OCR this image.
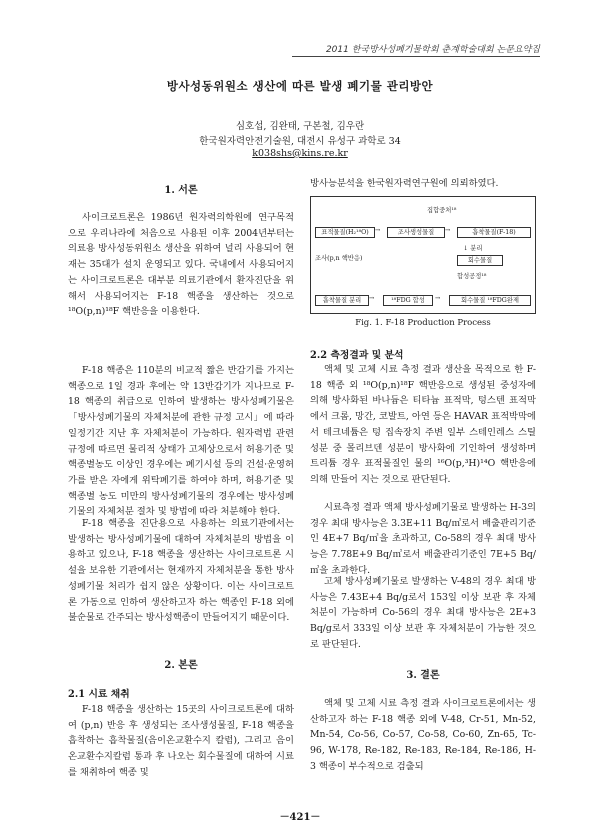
2011 한국방사성폐기물학회 춘계학술대회 논문요약집
방사성동위원소 생산에 따른 발생 폐기물 관리방안
심호섭, 김완태, 구본철, 김우란
한국원자력안전기술원, 대전시 유성구 과학로 34
k038shs@kins.re.kr
1. 서론
사이크로트론은 1986년 원자력의학원에 연구목적으로 우리나라에 처음으로 사용된 이후 2004년부터는 의료용 방사성동위원소 생산을 위하여 널리 사용되어 현재는 35대가 설치 운영되고 있다. 국내에서 사용되어지는 사이크로트론은 대부분 의료기관에서 환자진단을 위해서 사용되어지는 F-18 핵종을 생산하는 것으로 ¹⁸O(p,n)¹⁸F 핵반응을 이용한다.
F-18 핵종은 110분의 비교적 짧은 반감기를 가지는 핵종으로 1일 경과 후에는 약 13반감기가 지나므로 F-18 핵종의 취급으로 인하여 발생하는 방사성폐기물은 「방사성폐기물의 자체처분에 관한 규정 고시」에 따라 일정기간 지난 후 자체처분이 가능하다. 원자력법 관련 규정에 따르면 물리적 상태가 고체상으로서 허용기준 및 핵종별농도 이상인 경우에는 폐기시설 등의 건설·운영허가를 받은 자에게 위탁폐기를 하여야 하며, 허용기준 및 핵종별 농도 미만의 방사성폐기물의 경우에는 방사성폐기물의 자체처분 절차 및 방법에 따라 처분해야 한다.
F-18 핵종을 진단용으로 사용하는 의료기관에서는 발생하는 방사성폐기물에 대하여 자체처분의 방법을 이용하고 있으나, F-18 핵종을 생산하는 사이크로트론 시설을 보유한 기관에서는 현재까지 자체처분을 통한 방사성폐기물 처리가 쉽지 않은 상황이다. 이는 사이크로트론 가동으로 인하여 생산하고자 하는 핵종인 F-18 외에 불순물로 간주되는 방사성핵종이 만들어지기 때문이다.
2. 본론
2.1 시료 채취
F-18 핵종을 생산하는 15곳의 사이크로트론에 대하여 (p,n) 반응 후 생성되는 조사생성물질, F-18 핵종을 흡착하는 흡착물질(음이온교환수지 칼럼), 그리고 음이온교환수지칼럼 통과 후 나오는 회수물질에 대하여 시료를 채취하여 핵종 및
방사능분석을 한국원자력연구원에 의뢰하였다.
집합중처¹⁸
표적물질(H₂¹⁸O) →	조사생성물질	→	흡착물질(F-18)
조사(p,n 핵반응)
↓ 분리
회수물질
합성공정¹⁸
흡착물질 분리	→	¹⁸FDG 합성	→	회수물질 ¹⁸FDG완제
Fig. 1. F-18 Production Process
2.2 측정결과 및 분석
액체 및 고체 시료 측정 결과 생산을 목적으로 한 F-18 핵종 외 ¹⁸O(p,n)¹⁸F 핵반응으로 생성된 중성자에 의해 방사화된 바나듐은 티타늄 표적막, 텅스텐 표적막에서 크롬, 망간, 코발트, 아연 등은 HAVAR 표적박막에서 테크네튬은 텅 집속장치 주변 일부 스테인레스 스틸 성분 중 몰리브덴 성분이 방사화에 기인하여 생성하며 트리튬 경우 표적물질인 물의 ¹⁶O(p,³H)¹⁴O 핵반응에 의해 만들어 지는 것으로 판단된다.
시료측정 결과 액체 방사성폐기물로 발생하는 H-3의 경우 최대 방사능은 3.3E+11 Bq/㎥로서 배출관리기준인 4E+7 Bq/㎥을 초과하고, Co-58의 경우 최대 방사능은 7.78E+9 Bq/㎥로서 배출관리기준인 7E+5 Bq/㎥을 초과한다.
고체 방사성폐기물로 발생하는 V-48의 경우 최대 방사능은 7.43E+4 Bq/g로서 153일 이상 보관 후 자체처분이 가능하며 Co-56의 경우 최대 방사능은 2E+3 Bq/g로서 333일 이상 보관 후 자체처분이 가능한 것으로 판단된다.
3. 결론
액체 및 고체 시료 측정 결과 사이크로트론에서는 생산하고자 하는 F-18 핵종 외에 V-48, Cr-51, Mn-52, Mn-54, Co-56, Co-57, Co-58, Co-60, Zn-65, Tc-96, W-178, Re-182, Re-183, Re-184, Re-186, H-3 핵종이 부수적으로 검출되
－421－
